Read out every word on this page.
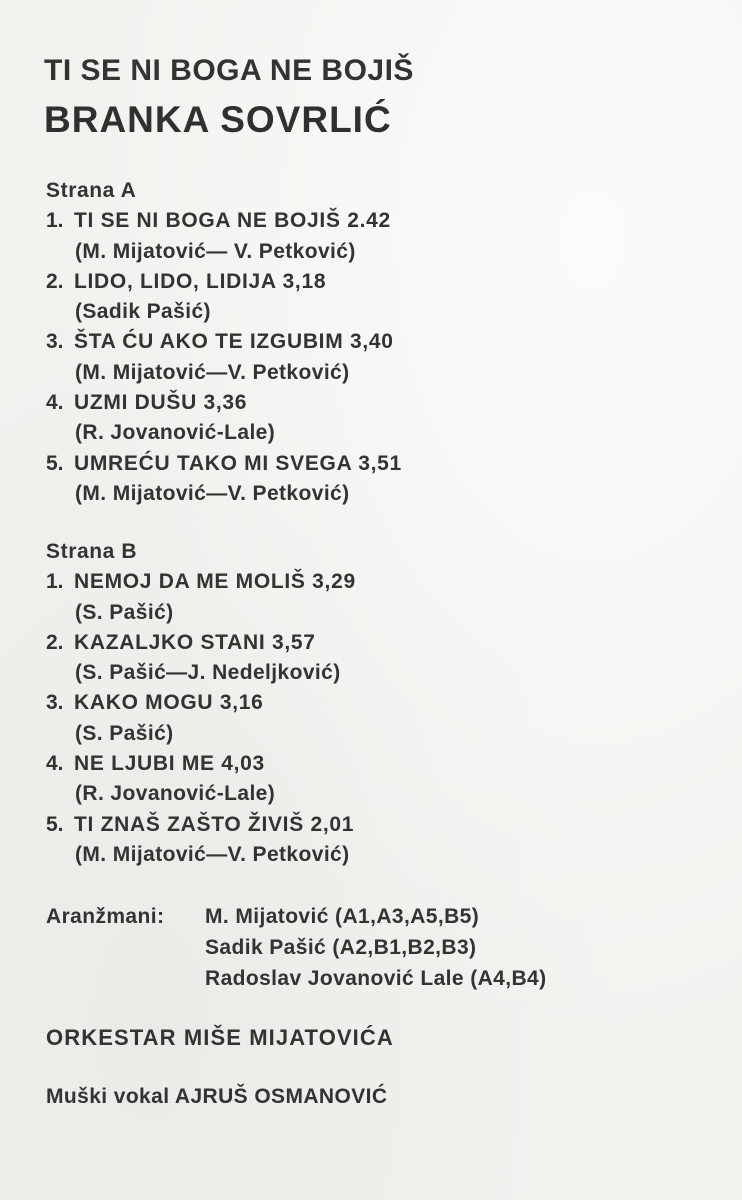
TI SE NI BOGA NE BOJIŠ
BRANKA SOVRLIĆ
Strana A
1. TI SE NI BOGA NE BOJIŠ 2.42
(M. Mijatović— V. Petković)
2. LIDO, LIDO, LIDIJA 3,18
(Sadik Pašić)
3. ŠTA ĆU AKO TE IZGUBIM 3,40
(M. Mijatović—V. Petković)
4. UZMI DUŠU 3,36
(R. Jovanović-Lale)
5. UMREĆU TAKO MI SVEGA 3,51
(M. Mijatović—V. Petković)
Strana B
1. NEMOJ DA ME MOLIŠ 3,29
(S. Pašić)
2. KAZALJKO STANI 3,57
(S. Pašić—J. Nedeljković)
3. KAKO MOGU 3,16
(S. Pašić)
4. NE LJUBI ME 4,03
(R. Jovanović-Lale)
5. TI ZNAŠ ZAŠTO ŽIVIŠ 2,01
(M. Mijatović—V. Petković)
Aranžmani:	M. Mijatović (A1,A3,A5,B5)
Sadik Pašić (A2,B1,B2,B3)
Radoslav Jovanović Lale (A4,B4)
ORKESTAR MIŠE MIJATOVIĆA
Muški vokal AJRUŠ OSMANOVIĆ
